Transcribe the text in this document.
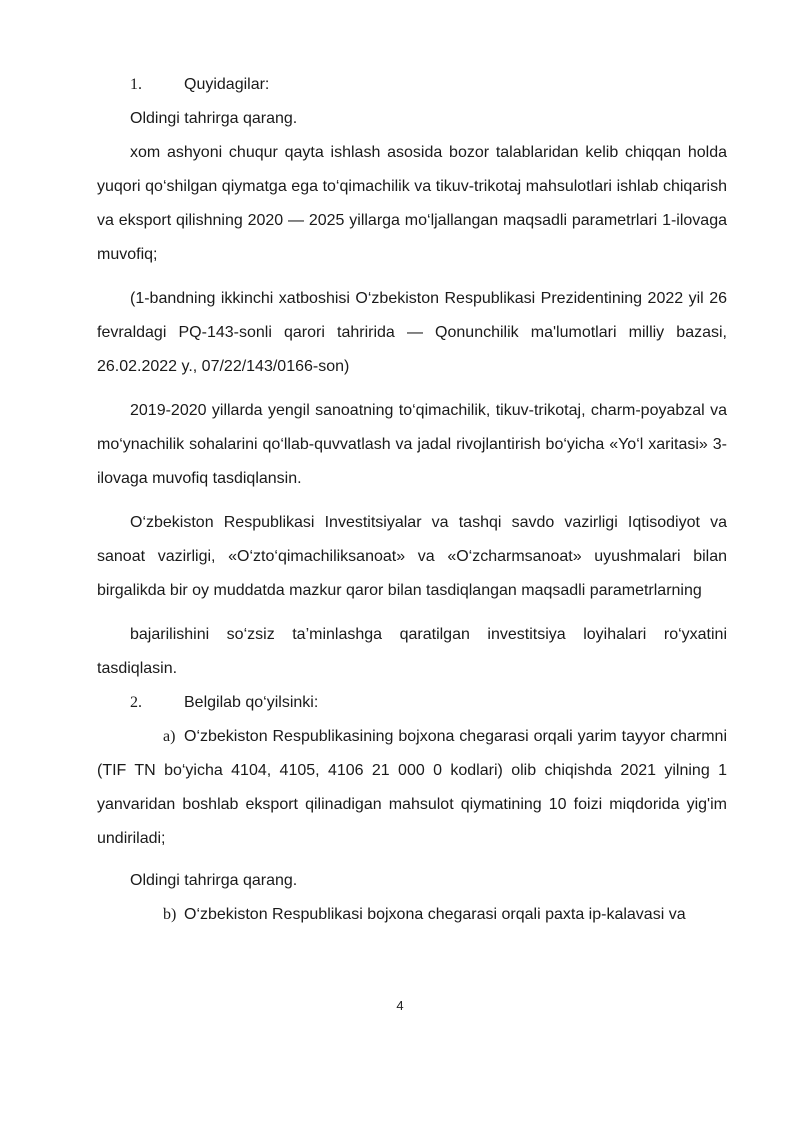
1.	Quyidagilar:

Oldingi tahrirga qarang.

xom ashyoni chuqur qayta ishlash asosida bozor talablaridan kelib chiqqan holda yuqori qo‘shilgan qiymatga ega to‘qimachilik va tikuv-trikotaj mahsulotlari ishlab chiqarish va eksport qilishning 2020 — 2025 yillarga mo‘ljallangan maqsadli parametrlari 1-ilovaga muvofiq;

(1-bandning ikkinchi xatboshisi O‘zbekiston Respublikasi Prezidentining 2022 yil 26 fevraldagi PQ-143-sonli qarori tahririda — Qonunchilik ma'lumotlari milliy bazasi, 26.02.2022 y., 07/22/143/0166-son)

2019-2020 yillarda yengil sanoatning to‘qimachilik, tikuv-trikotaj, charm-poyabzal va mo‘ynachilik sohalarini qo‘llab-quvvatlash va jadal rivojlantirish bo‘yicha «Yo‘l xaritasi» 3-ilovaga muvofiq tasdiqlansin.

O‘zbekiston Respublikasi Investitsiyalar va tashqi savdo vazirligi Iqtisodiyot va sanoat vazirligi, «O‘zto‘qimachiliksanoat» va «O‘zcharmsanoat» uyushmalari bilan birgalikda bir oy muddatda mazkur qaror bilan tasdiqlangan maqsadli parametrlarning

bajarilishini so‘zsiz ta’minlashga qaratilgan investitsiya loyihalari ro‘yxatini tasdiqlasin.

2.	Belgilab qo‘yilsinki:

a) O‘zbekiston Respublikasining bojxona chegarasi orqali yarim tayyor charmni (TIF TN bo‘yicha 4104, 4105, 4106 21 000 0 kodlari) olib chiqishda 2021 yilning 1 yanvaridan boshlab eksport qilinadigan mahsulot qiymatining 10 foizi miqdorida yig'im undiriladi;

Oldingi tahrirga qarang.

b) O‘zbekiston Respublikasi bojxona chegarasi orqali paxta ip-kalavasi va

4
